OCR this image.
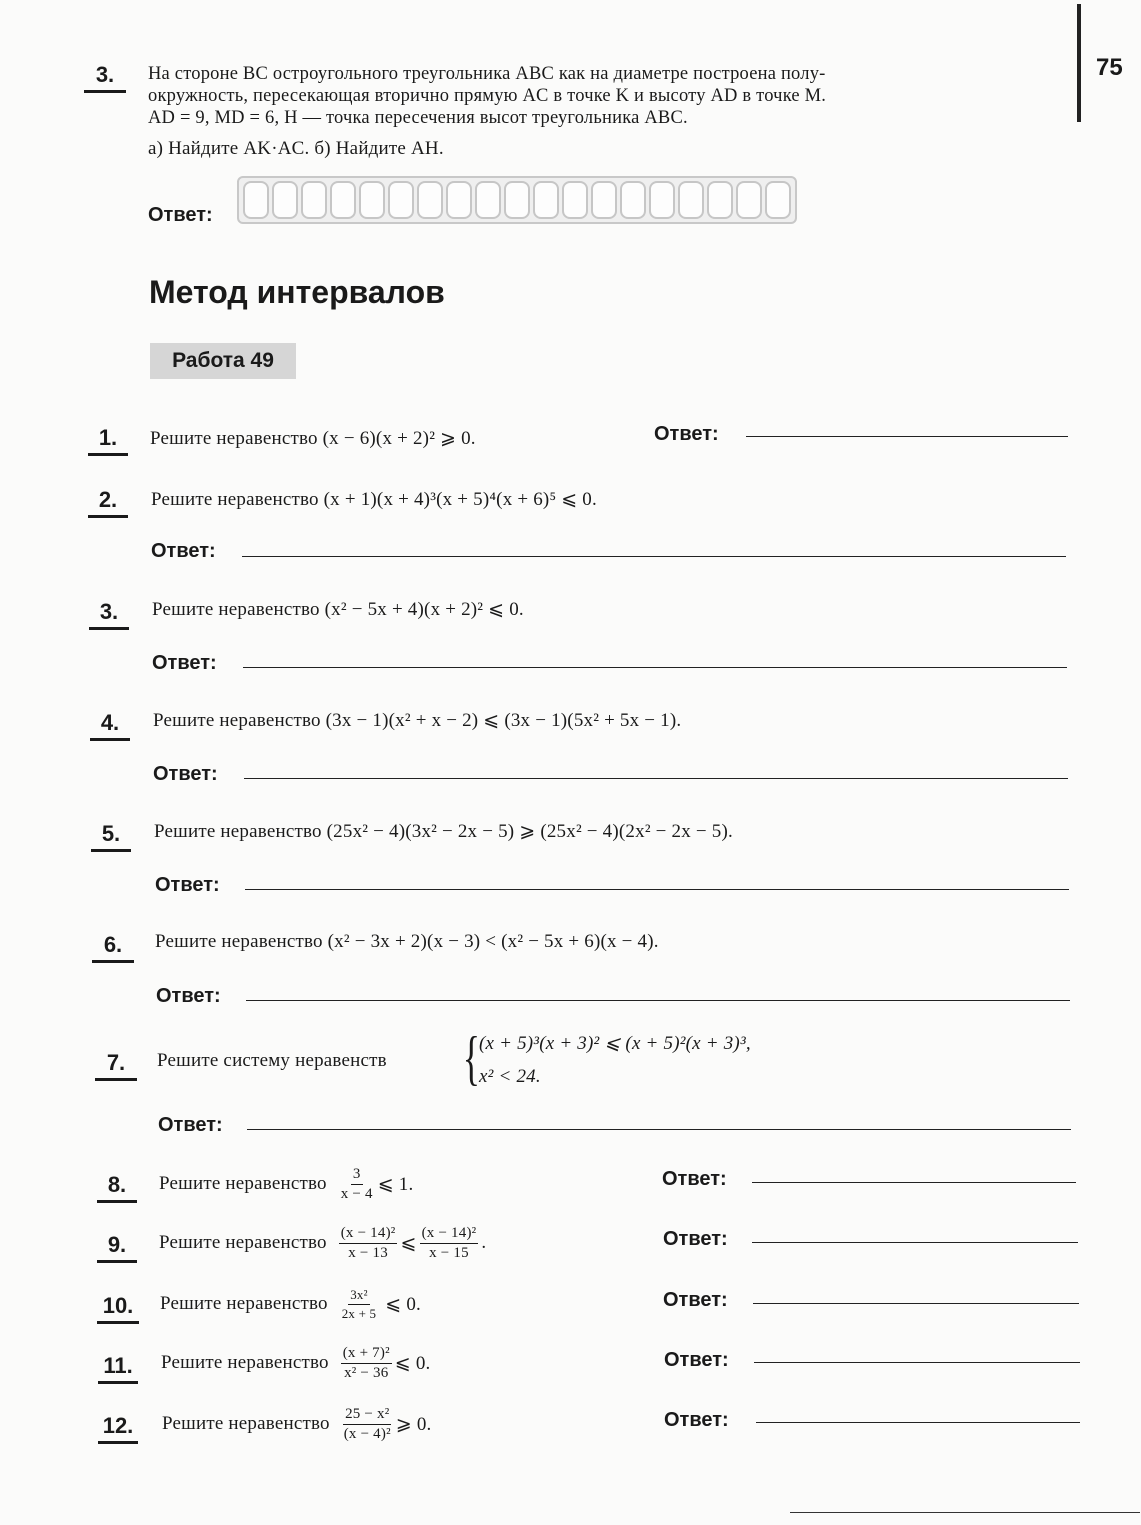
75
3.	На стороне BC остроугольного треугольника ABC как на диаметре построена полу-
окружность, пересекающая вторично прямую AC в точке K и высоту AD в точке M.
AD = 9, MD = 6, H — точка пересечения высот треугольника ABC.
а) Найдите AK·AC. б) Найдите AH.
Ответ:
Метод интервалов
Работа 49
1.	Решите неравенство (x − 6)(x + 2)² ⩾ 0.	Ответ:
2.	Решите неравенство (x + 1)(x + 4)³(x + 5)⁴(x + 6)⁵ ⩽ 0.
Ответ:
3.	Решите неравенство (x² − 5x + 4)(x + 2)² ⩽ 0.
Ответ:
4.	Решите неравенство (3x − 1)(x² + x − 2) ⩽ (3x − 1)(5x² + 5x − 1).
Ответ:
5.	Решите неравенство (25x² − 4)(3x² − 2x − 5) ⩾ (25x² − 4)(2x² − 2x − 5).
Ответ:
6.	Решите неравенство (x² − 3x + 2)(x − 3) < (x² − 5x + 6)(x − 4).
Ответ:
7.	Решите систему неравенств {
(x + 5)³(x + 3)² ⩽ (x + 5)²(x + 3)³,
x² < 24.
Ответ:
8.	Решите неравенство $\frac{3}{x - 4}$ ⩽ 1.	Ответ:
9.	Решите неравенство $\frac{\text{(x − 14)²}}{x - 13}$ ⩽ $\frac{\text{(x − 14)²}}{x - 15}$ .	Ответ:
10.	Решите неравенство $\frac{\text{3x²}}{2x + 5}$ ⩽ 0.	Ответ:
11. Решите неравенство $\frac{\text{(x + 7)²}}{\text{x² − 36}}$ ⩽ 0.	Ответ:
12. Решите неравенство $\frac{\text{25 − x²}}{\text{(x − 4)²}}$ ⩾ 0.	Ответ:
